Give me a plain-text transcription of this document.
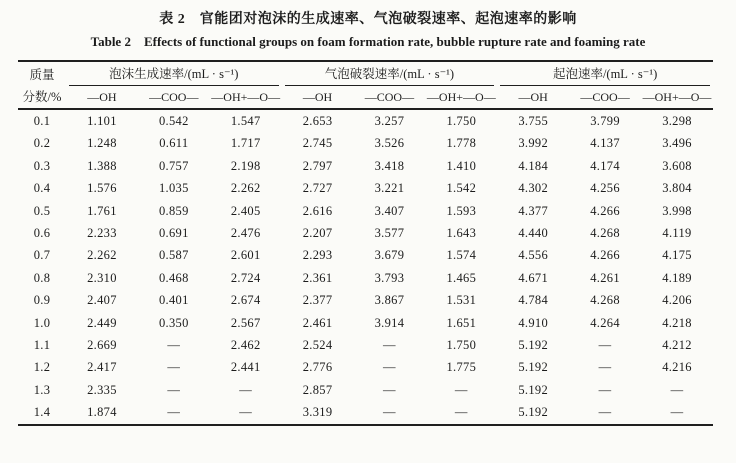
表 2　官能团对泡沫的生成速率、气泡破裂速率、起泡速率的影响
Table 2  Effects of functional groups on foam formation rate, bubble rupture rate and foaming rate
质量
分数/%	泡沫生成速率/(mL · s⁻¹)			气泡破裂速率/(mL · s⁻¹)			起泡速率/(mL · s⁻¹)		

	—OH	—COO—	—OH+—O—	—OH	—COO—	—OH+—O—	—OH	—COO—	—OH+—O—
0.1	1.101	0.542	1.547	2.653	3.257	1.750	3.755	3.799	3.298
0.2	1.248	0.611	1.717	2.745	3.526	1.778	3.992	4.137	3.496
0.3	1.388	0.757	2.198	2.797	3.418	1.410	4.184	4.174	3.608
0.4	1.576	1.035	2.262	2.727	3.221	1.542	4.302	4.256	3.804
0.5	1.761	0.859	2.405	2.616	3.407	1.593	4.377	4.266	3.998
0.6	2.233	0.691	2.476	2.207	3.577	1.643	4.440	4.268	4.119
0.7	2.262	0.587	2.601	2.293	3.679	1.574	4.556	4.266	4.175
0.8	2.310	0.468	2.724	2.361	3.793	1.465	4.671	4.261	4.189
0.9	2.407	0.401	2.674	2.377	3.867	1.531	4.784	4.268	4.206
1.0	2.449	0.350	2.567	2.461	3.914	1.651	4.910	4.264	4.218
1.1	2.669	—	2.462	2.524	—	1.750	5.192	—	4.212
1.2	2.417	—	2.441	2.776	—	1.775	5.192	—	4.216
1.3	2.335	—	—	2.857	—	—	5.192	—	—
1.4	1.874	—	—	3.319	—	—	5.192	—	—
